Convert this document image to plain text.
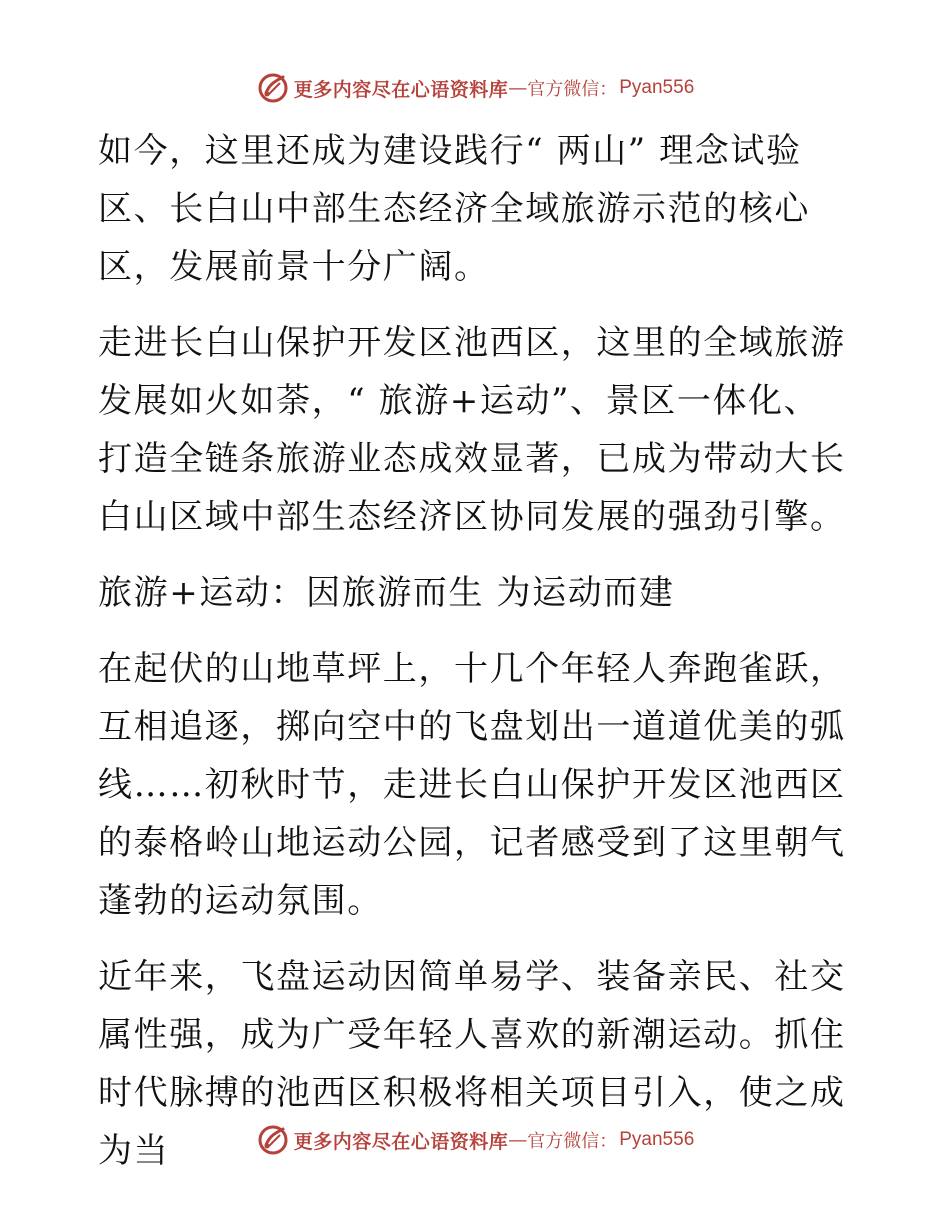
更多内容尽在心语资料库 — 官方微信： Pyan556

如今，这里还成为建设践行“ 两山” 理念试验区、长白山中部生态经济全域旅游示范的核心区，发展前景十分广阔。

走进长白山保护开发区池西区，这里的全域旅游发展如火如荼，“ 旅游+运动”、景区一体化、打造全链条旅游业态成效显著，已成为带动大长白山区域中部生态经济区协同发展的强劲引擎。

旅游+运动：因旅游而生 为运动而建

在起伏的山地草坪上，十几个年轻人奔跑雀跃，互相追逐，掷向空中的飞盘划出一道道优美的弧线……初秋时节，走进长白山保护开发区池西区的泰格岭山地运动公园，记者感受到了这里朝气蓬勃的运动氛围。

近年来，飞盘运动因简单易学、装备亲民、社交属性强，成为广受年轻人喜欢的新潮运动。抓住时代脉搏的池西区积极将相关项目引入，使之成为当	更多内容尽在心语资料库 — 官方微信： Pyan556
